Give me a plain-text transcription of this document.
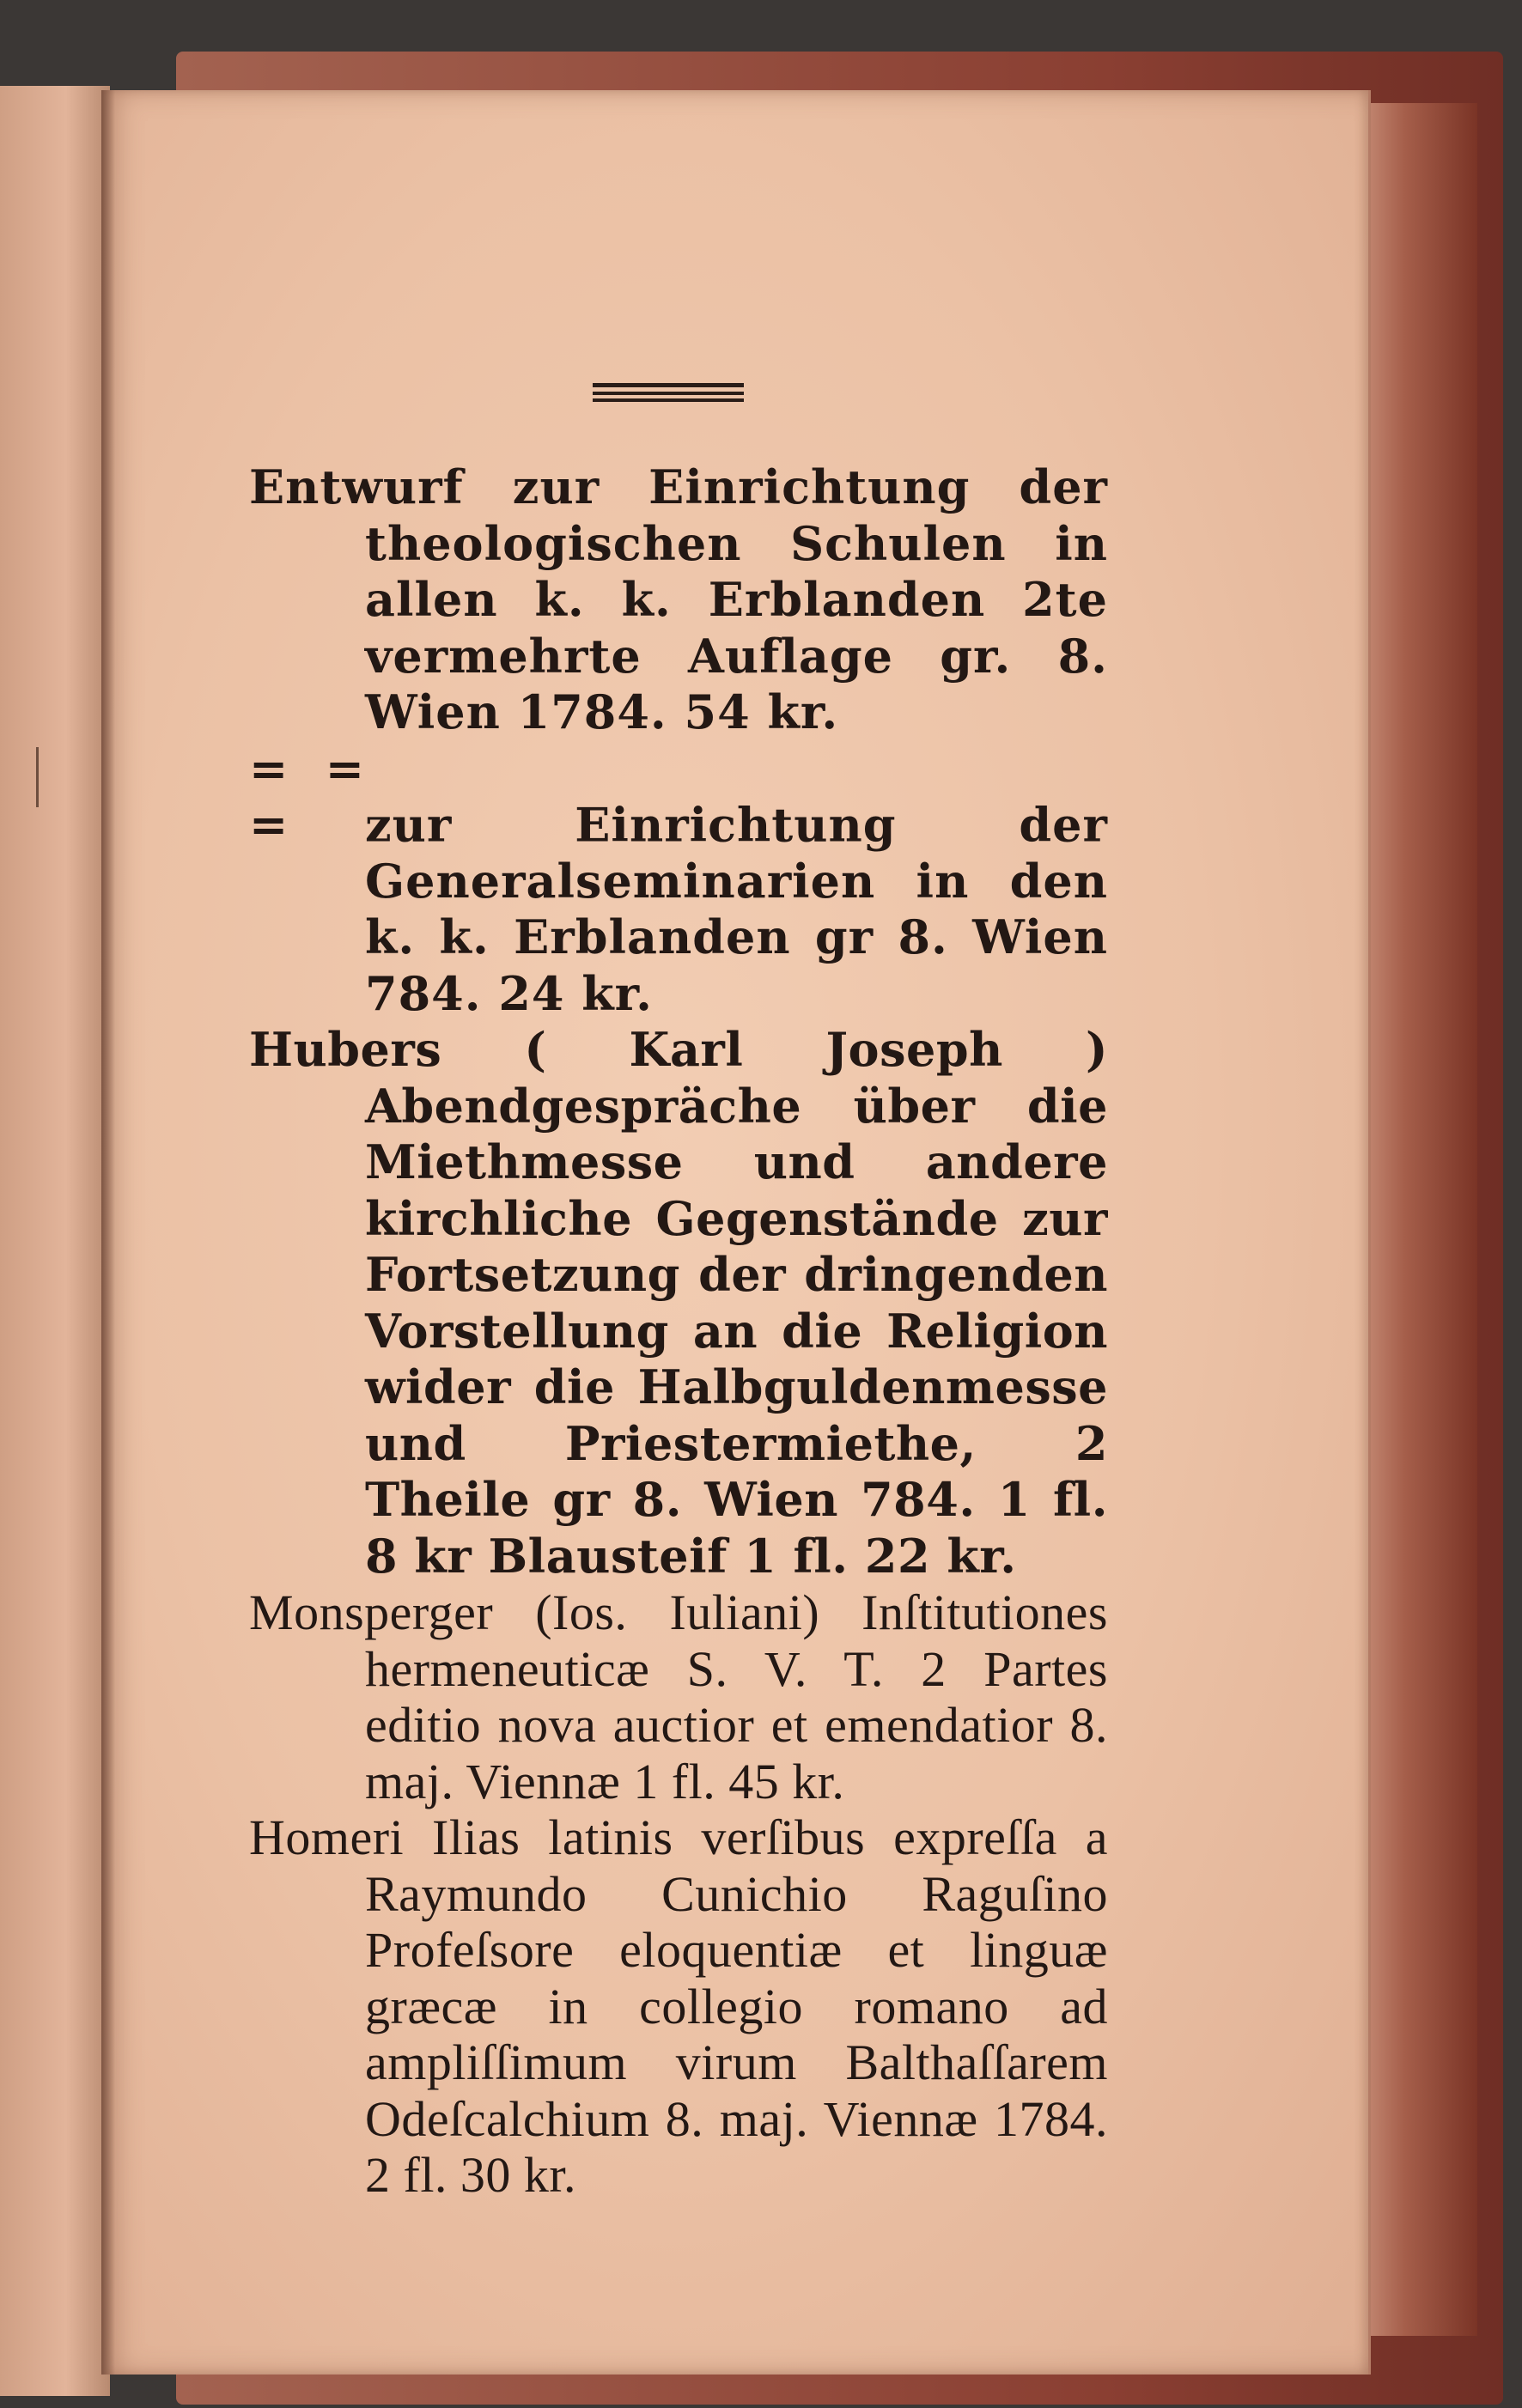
Entwurf zur Einrichtung der theologischen Schulen in allen k. k. Erblanden 2te vermehrte Auflage gr. 8. Wien 1784. 54 kr.
= = = zur Einrichtung der Generalseminarien in den k. k. Erblanden gr 8. Wien 784. 24 kr.
Hubers ( Karl Joseph ) Abendgespräche über die Miethmesse und andere kirchliche Gegenstände zur Fortsetzung der dringenden Vorstellung an die Religion wider die Halbguldenmesse und Priestermiethe, 2 Theile gr 8. Wien 784. 1 fl. 8 kr Blausteif 1 fl. 22 kr.
Monsperger (Ios. Iuliani) Inſtitutiones hermeneuticæ S. V. T. 2 Partes editio nova auctior et emendatior 8. maj. Viennæ 1 fl. 45 kr.
Homeri Ilias latinis verſibus expreſſa a Raymundo Cunichio Raguſino Profeſsore eloquentiæ et linguæ græcæ in collegio romano ad ampliſſimum virum Balthaſſarem Odeſcalchium 8. maj. Viennæ 1784. 2 fl. 30 kr.
